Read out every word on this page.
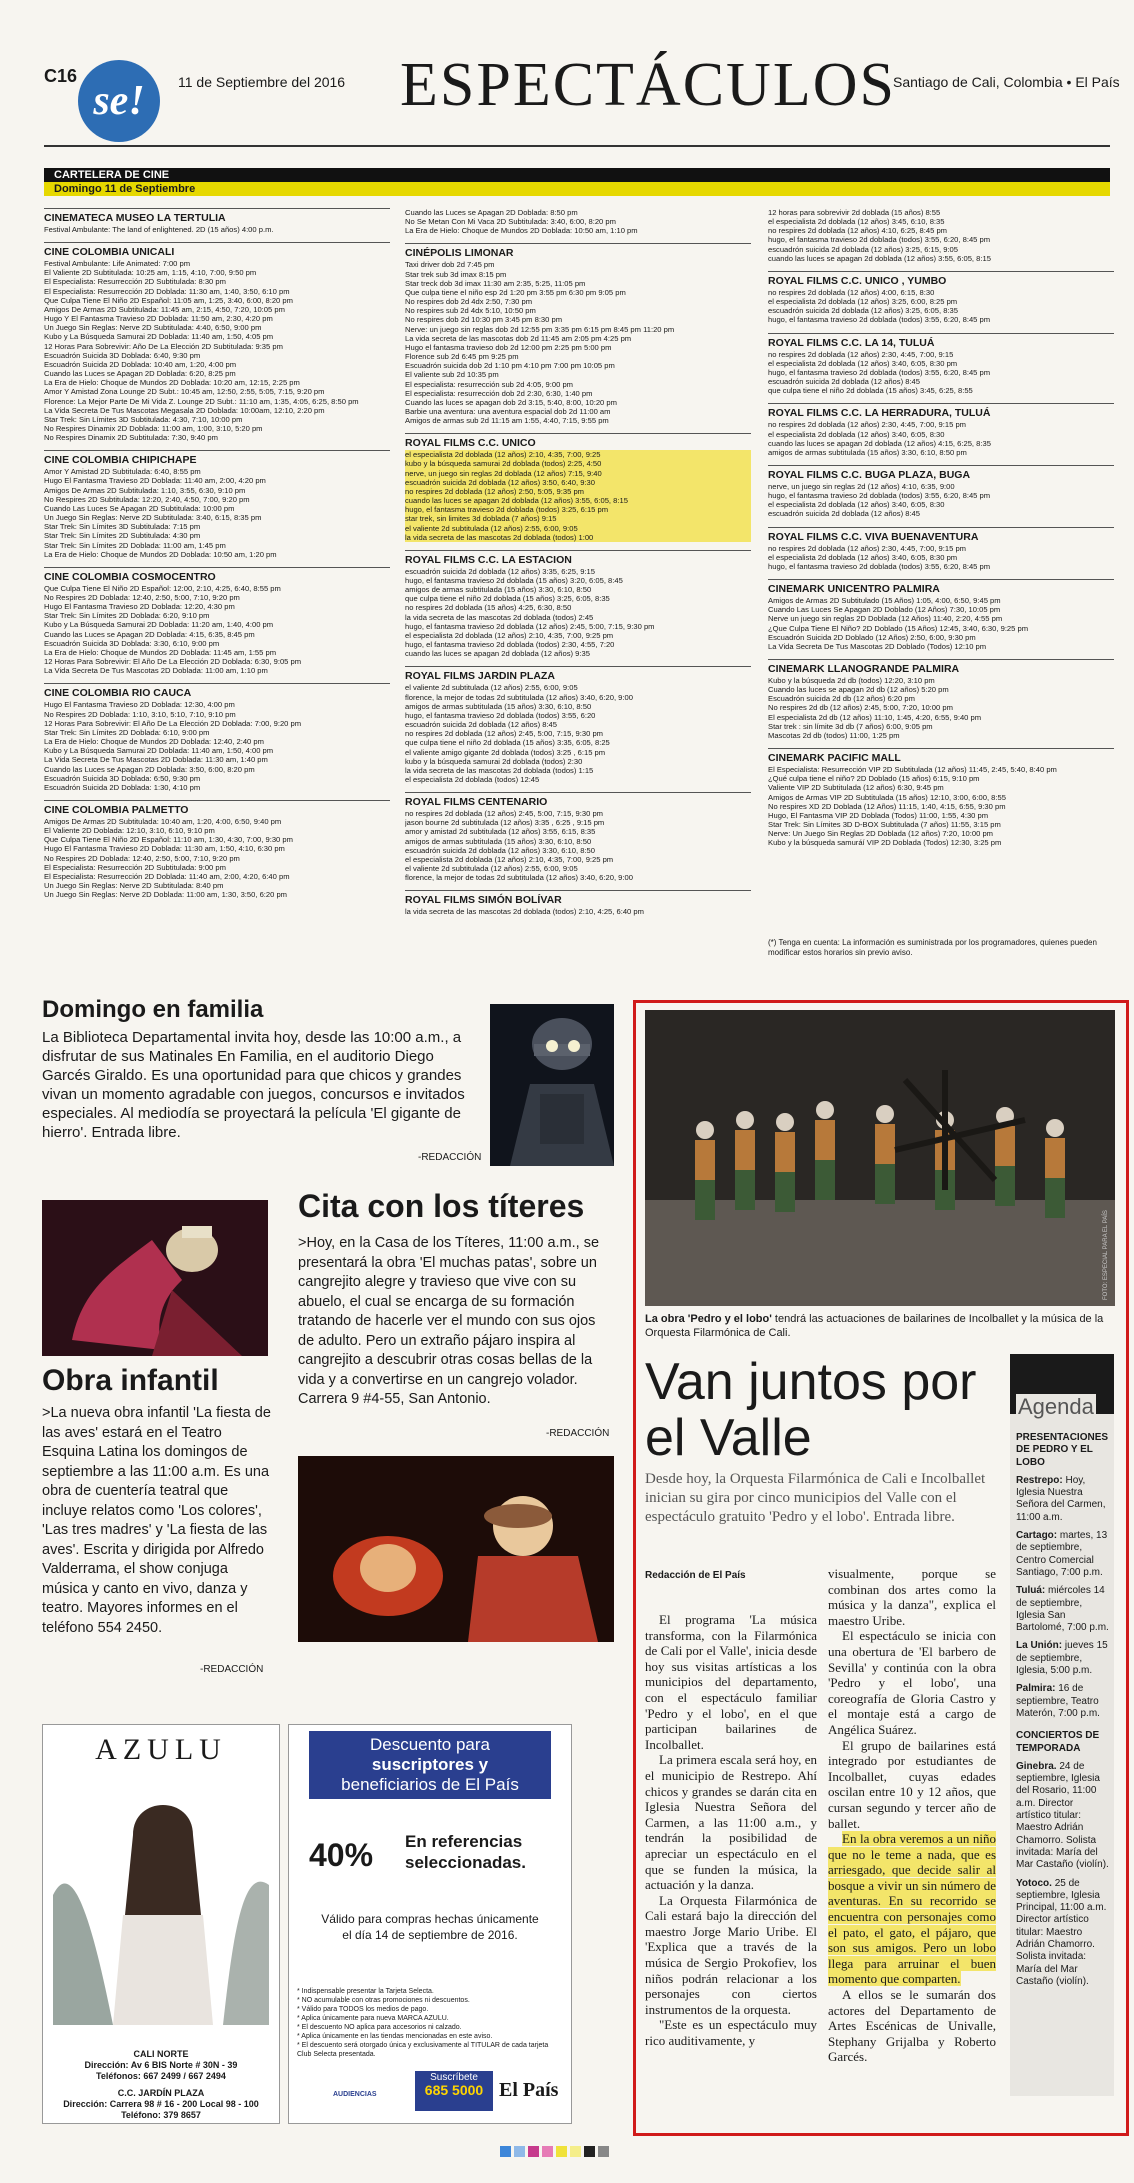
C16
se!	11 de Septiembre del 2016 ESPECTÁCULOS
Santiago de Cali, Colombia • El País
CARTELERA DE CINE
Domingo 11 de Septiembre
CINEMATECA MUSEO LA TERTULIA
Festival Ambulante: The land of enlightened. 2D (15 años) 4:00 p.m.
CINE COLOMBIA UNICALI
Festival Ambulante: Life Animated: 7:00 pm
El Valiente 2D Subtitulada: 10:25 am, 1:15, 4:10, 7:00, 9:50 pm
El Especialista: Resurrección 2D Subtitulada: 8:30 pm
El Especialista: Resurrección 2D Doblada: 11:30 am, 1:40, 3:50, 6:10 pm
Que Culpa Tiene El Niño 2D Español: 11:05 am, 1:25, 3:40, 6:00, 8:20 pm
Amigos De Armas 2D Subtitulada: 11:45 am, 2:15, 4:50, 7:20, 10:05 pm
Hugo Y El Fantasma Travieso 2D Doblada: 11:50 am, 2:30, 4:20 pm
Un Juego Sin Reglas: Nerve 2D Subtitulada: 4:40, 6:50, 9:00 pm
Kubo y La Búsqueda Samurai 2D Doblada: 11:40 am, 1:50, 4:05 pm
12 Horas Para Sobrevivir: Año De La Elección 2D Subtitulada: 9:35 pm
Escuadrón Suicida 3D Doblada: 6:40, 9:30 pm
Escuadrón Suicida 2D Doblada: 10:40 am, 1:20, 4:00 pm
Cuando las Luces se Apagan 2D Doblada: 6:20, 8:25 pm
La Era de Hielo: Choque de Mundos 2D Doblada: 10:20 am, 12:15, 2:25 pm
Amor Y Amistad Zona Lounge 2D Subt.: 10:45 am, 12:50, 2:55, 5:05, 7:15, 9:20 pm
Florence: La Mejor Parte De Mi Vida Z. Lounge 2D Subt.: 11:10 am, 1:35, 4:05, 6:25, 8:50 pm
La Vida Secreta De Tus Mascotas Megasala 2D Doblada: 10:00am, 12:10, 2:20 pm
Star Trek: Sin Límites 3D Subtitulada: 4:30, 7:10, 10:00 pm
No Respires Dinamix 2D Doblada: 11:00 am, 1:00, 3:10, 5:20 pm
No Respires Dinamix 2D Subtitulada: 7:30, 9:40 pm
CINE COLOMBIA CHIPICHAPE
Amor Y Amistad 2D Subtitulada: 6:40, 8:55 pm
Hugo El Fantasma Travieso 2D Doblada: 11:40 am, 2:00, 4:20 pm
Amigos De Armas 2D Subtitulada: 1:10, 3:55, 6:30, 9:10 pm
No Respires 2D Subtitulada: 12:20, 2:40, 4:50, 7:00, 9:20 pm
Cuando Las Luces Se Apagan 2D Subtitulada: 10:00 pm
Un Juego Sin Reglas: Nerve 2D Subtitulada: 3:40, 6:15, 8:35 pm
Star Trek: Sin Límites 3D Subtitulada: 7:15 pm
Star Trek: Sin Límites 2D Subtitulada: 4:30 pm
Star Trek: Sin Límites 2D Doblada: 11:00 am, 1:45 pm
La Era de Hielo: Choque de Mundos 2D Doblada: 10:50 am, 1:20 pm
CINE COLOMBIA COSMOCENTRO
Que Culpa Tiene El Niño 2D Español: 12:00, 2:10, 4:25, 6:40, 8:55 pm
No Respires 2D Doblada: 12:40, 2:50, 5:00, 7:10, 9:20 pm
Hugo El Fantasma Travieso 2D Doblada: 12:20, 4:30 pm
Star Trek: Sin Límites 2D Doblada: 6:20, 9:10 pm
Kubo y La Búsqueda Samurai 2D Doblada: 11:20 am, 1:40, 4:00 pm
Cuando las Luces se Apagan 2D Doblada: 4:15, 6:35, 8:45 pm
Escuadrón Suicida 3D Doblada: 3:30, 6:10, 9:00 pm
La Era de Hielo: Choque de Mundos 2D Doblada: 11:45 am, 1:55 pm
12 Horas Para Sobrevivir: El Año De La Elección 2D Doblada: 6:30, 9:05 pm
La Vida Secreta De Tus Mascotas 2D Doblada: 11:00 am, 1:10 pm
CINE COLOMBIA RIO CAUCA
Hugo El Fantasma Travieso 2D Doblada: 12:30, 4:00 pm
No Respires 2D Doblada: 1:10, 3:10, 5:10, 7:10, 9:10 pm
12 Horas Para Sobrevivir: El Año De La Elección 2D Doblada: 7:00, 9:20 pm
Star Trek: Sin Límites 2D Doblada: 6:10, 9:00 pm
La Era de Hielo: Choque de Mundos 2D Doblada: 12:40, 2:40 pm
Kubo y La Búsqueda Samurai 2D Doblada: 11:40 am, 1:50, 4:00 pm
La Vida Secreta De Tus Mascotas 2D Doblada: 11:30 am, 1:40 pm
Cuando las Luces se Apagan 2D Doblada: 3:50, 6:00, 8:20 pm
Escuadrón Suicida 3D Doblada: 6:50, 9:30 pm
Escuadrón Suicida 2D Doblada: 1:30, 4:10 pm
CINE COLOMBIA PALMETTO
Amigos De Armas 2D Subtitulada: 10:40 am, 1:20, 4:00, 6:50, 9:40 pm
El Valiente 2D Doblada: 12:10, 3:10, 6:10, 9:10 pm
Que Culpa Tiene El Niño 2D Español: 11:10 am, 1:30, 4:30, 7:00, 9:30 pm
Hugo El Fantasma Travieso 2D Doblada: 11:30 am, 1:50, 4:10, 6:30 pm
No Respires 2D Doblada: 12:40, 2:50, 5:00, 7:10, 9:20 pm
El Especialista: Resurrección 2D Subtitulada: 9:00 pm
El Especialista: Resurrección 2D Doblada: 11:40 am, 2:00, 4:20, 6:40 pm
Un Juego Sin Reglas: Nerve 2D Subtitulada: 8:40 pm
Un Juego Sin Reglas: Nerve 2D Doblada: 11:00 am, 1:30, 3:50, 6:20 pm
Cuando las Luces se Apagan 2D Doblada: 8:50 pm
No Se Metan Con Mi Vaca 2D Subtitulada: 3:40, 6:00, 8:20 pm
La Era de Hielo: Choque de Mundos 2D Doblada: 10:50 am, 1:10 pm
CINÉPOLIS LIMONAR
Taxi driver dob 2d 7:45 pm
Star trek sub 3d imax 8:15 pm
Star treck dob 3d imax 11:30 am 2:35, 5:25, 11:05 pm
Que culpa tiene el niño esp 2d 1:20 pm 3:55 pm 6:30 pm 9:05 pm
No respires dob 2d 4dx 2:50, 7:30 pm
No respires sub 2d 4dx 5:10, 10:50 pm
No respires dob 2d 10:30 pm 3:45 pm 8:30 pm
Nerve: un juego sin reglas dob 2d 12:55 pm 3:35 pm 6:15 pm 8:45 pm 11:20 pm
La vida secreta de las mascotas dob 2d 11:45 am 2:05 pm 4:25 pm
Hugo el fantasma travieso dob 2d 12:00 pm 2:25 pm 5:00 pm
Florence sub 2d 6:45 pm 9:25 pm
Escuadrón suicida dob 2d 1:10 pm 4:10 pm 7:00 pm 10:05 pm
El valiente sub 2d 10:35 pm
El especialista: resurrección sub 2d 4:05, 9:00 pm
El especialista: resurrección dob 2d 2:30, 6:30, 1:40 pm
Cuando las luces se apagan dob 2d 3:15, 5:40, 8:00, 10:20 pm
Barbie una aventura: una aventura espacial dob 2d 11:00 am
Amigos de armas sub 2d 11:15 am 1:55, 4:40, 7:15, 9:55 pm
ROYAL FILMS C.C. UNICO
el especialista 2d doblada (12 años) 2:10, 4:35, 7:00, 9:25
kubo y la búsqueda samurai 2d doblada (todos) 2:25, 4:50
nerve, un juego sin reglas 2d doblada (12 años) 7:15, 9:40
escuadrón suicida 2d doblada (12 años) 3:50, 6:40, 9:30
no respires 2d doblada (12 años) 2:50, 5:05, 9:35 pm
cuando las luces se apagan 2d doblada (12 años) 3:55, 6:05, 8:15
hugo, el fantasma travieso 2d doblada (todos) 3:25, 6:15 pm
star trek, sin limites 3d doblada (7 años) 9:15
el valiente 2d subtitulada (12 años) 2:55, 6:00, 9:05
la vida secreta de las mascotas 2d doblada (todos) 1:00
ROYAL FILMS C.C. LA ESTACION
escuadrón suicida 2d doblada (12 años) 3:35, 6:25, 9:15
hugo, el fantasma travieso 2d doblada (15 años) 3:20, 6:05, 8:45
amigos de armas subtitulada (15 años) 3:30, 6:10, 8:50
que culpa tiene el niño 2d doblada (15 años) 3:25, 6:05, 8:35
no respires 2d doblada (15 años) 4:25, 6:30, 8:50
la vida secreta de las mascotas 2d doblada (todos) 2:45
hugo, el fantasma travieso 2d doblada (12 años) 2:45, 5:00, 7:15, 9:30 pm
el especialista 2d doblada (12 años) 2:10, 4:35, 7:00, 9:25 pm
hugo, el fantasma travieso 2d doblada (todos) 2:30, 4:55, 7:20
cuando las luces se apagan 2d doblada (12 años) 9:35
ROYAL FILMS JARDIN PLAZA
el valiente 2d subtitulada (12 años) 2:55, 6:00, 9:05
florence, la mejor de todas 2d subtitulada (12 años) 3:40, 6:20, 9:00
amigos de armas subtitulada (15 años) 3:30, 6:10, 8:50
hugo, el fantasma travieso 2d doblada (todos) 3:55, 6:20
escuadrón suicida 2d doblada (12 años) 8:45
no respires 2d doblada (12 años) 2:45, 5:00, 7:15, 9:30 pm
que culpa tiene el niño 2d doblada (15 años) 3:35, 6:05, 8:25
el valiente amigo gigante 2d doblada (todos) 3:25 , 6:15 pm
kubo y la búsqueda samurai 2d doblada (todos) 2:30
la vida secreta de las mascotas 2d doblada (todos) 1:15
el especialista 2d doblada (todos) 12:45
ROYAL FILMS CENTENARIO
no respires 2d doblada (12 años) 2:45, 5:00, 7:15, 9:30 pm
jason bourne 2d subtitulada (12 años) 3:35 , 6:25 , 9:15 pm
amor y amistad 2d subtitulada (12 años) 3:55, 6:15, 8:35
amigos de armas subtitulada (15 años) 3:30, 6:10, 8:50
escuadrón suicida 2d doblada (12 años) 3:30, 6:10, 8:50
el especialista 2d doblada (12 años) 2:10, 4:35, 7:00, 9:25 pm
el valiente 2d subtitulada (12 años) 2:55, 6:00, 9:05
florence, la mejor de todas 2d subtitulada (12 años) 3:40, 6:20, 9:00
ROYAL FILMS SIMÓN BOLÍVAR
la vida secreta de las mascotas 2d doblada (todos) 2:10, 4:25, 6:40 pm
12 horas para sobrevivir 2d doblada (15 años) 8:55
el especialista 2d doblada (12 años) 3:45, 6:10, 8:35
no respires 2d doblada (12 años) 4:10, 6:25, 8:45 pm
hugo, el fantasma travieso 2d doblada (todos) 3:55, 6:20, 8:45 pm
escuadrón suicida 2d doblada (12 años) 3:25, 6:15, 9:05
cuando las luces se apagan 2d doblada (12 años) 3:55, 6:05, 8:15
ROYAL FILMS C.C. UNICO , YUMBO
no respires 2d doblada (12 años) 4:00, 6:15, 8:30
el especialista 2d doblada (12 años) 3:25, 6:00, 8:25 pm
escuadrón suicida 2d doblada (12 años) 3:25, 6:05, 8:35
hugo, el fantasma travieso 2d doblada (todos) 3:55, 6:20, 8:45 pm
ROYAL FILMS C.C. LA 14, TULUÁ
no respires 2d doblada (12 años) 2:30, 4:45, 7:00, 9:15
el especialista 2d doblada (12 años) 3:40, 6:05, 8:30 pm
hugo, el fantasma travieso 2d doblada (todos) 3:55, 6:20, 8:45 pm
escuadrón suicida 2d doblada (12 años) 8:45
que culpa tiene el niño 2d doblada (15 años) 3:45, 6:25, 8:55
ROYAL FILMS C.C. LA HERRADURA, TULUÁ
no respires 2d doblada (12 años) 2:30, 4:45, 7:00, 9:15 pm
el especialista 2d doblada (12 años) 3:40, 6:05, 8:30
cuando las luces se apagan 2d doblada (12 años) 4:15, 6:25, 8:35
amigos de armas subtitulada (15 años) 3:30, 6:10, 8:50 pm
ROYAL FILMS C.C. BUGA PLAZA, BUGA
nerve, un juego sin reglas 2d (12 años) 4:10, 6:35, 9:00
hugo, el fantasma travieso 2d doblada (todos) 3:55, 6:20, 8:45 pm
el especialista 2d doblada (12 años) 3:40, 6:05, 8:30
escuadrón suicida 2d doblada (12 años) 8:45
ROYAL FILMS C.C. VIVA BUENAVENTURA
no respires 2d doblada (12 años) 2:30, 4:45, 7:00, 9:15 pm
el especialista 2d doblada (12 años) 3:40, 6:05, 8:30 pm
hugo, el fantasma travieso 2d doblada (todos) 3:55, 6:20, 8:45 pm
CINEMARK UNICENTRO PALMIRA
Amigos de Armas 2D Subtitulado (15 Años) 1:05, 4:00, 6:50, 9:45 pm
Cuando Las Luces Se Apagan 2D Doblado (12 Años) 7:30, 10:05 pm
Nerve un juego sin reglas 2D Doblada (12 Años) 11:40, 2:20, 4:55 pm
¿Que Culpa Tiene El Niño? 2D Doblado (15 Años) 12:45, 3:40, 6:30, 9:25 pm
Escuadrón Suicida 2D Doblado (12 Años) 2:50, 6:00, 9:30 pm
La Vida Secreta De Tus Mascotas 2D Doblado (Todos) 12:10 pm
CINEMARK LLANOGRANDE PALMIRA
Kubo y la búsqueda 2d db (todos) 12:20, 3:10 pm
Cuando las luces se apagan 2d db (12 años) 5:20 pm
Escuadrón suicida 2d db (12 años) 6:20 pm
No respires 2d db (12 años) 2:45, 5:00, 7:20, 10:00 pm
El especialista 2d db (12 años) 11:10, 1:45, 4:20, 6:55, 9:40 pm
Star trek : sin límite 3d db (7 años) 6:00, 9:05 pm
Mascotas 2d db (todos) 11:00, 1:25 pm
CINEMARK PACIFIC MALL
El Especialista: Resurrección VIP 2D Subtitulada (12 años) 11:45, 2:45, 5:40, 8:40 pm
¿Qué culpa tiene el niño? 2D Doblado (15 años) 6:15, 9:10 pm
Valiente VIP 2D Subtitulada (12 años) 6:30, 9:45 pm
Amigos de Armas VIP 2D Subtitulada (15 años) 12:10, 3:00, 6:00, 8:55
No respires XD 2D Doblada (12 Años) 11:15, 1:40, 4:15, 6:55, 9:30 pm
Hugo, El Fantasma VIP 2D Doblada (Todos) 11:00, 1:55, 4:30 pm
Star Trek: Sin Límites 3D D-BOX Subtitulada (7 años) 11:55, 3:15 pm
Nerve: Un Juego Sin Reglas 2D Doblada (12 años) 7:20, 10:00 pm
Kubo y la búsqueda samuráí VIP 2D Doblada (Todos) 12:30, 3:25 pm
(*) Tenga en cuenta: La información es suministrada por los programadores, quienes pueden modificar estos horarios sin previo aviso.
Domingo en familia
La Biblioteca Departamental invita hoy, desde las 10:00 a.m., a disfrutar de sus Matinales En Familia, en el auditorio Diego Garcés Giraldo. Es una oportunidad para que chicos y grandes vivan un momento agradable con juegos, concursos e invitados especiales. Al mediodía se proyectará la película 'El gigante de hierro'. Entrada libre.
-REDACCIÓN
Obra infantil
>La nueva obra infantil 'La fiesta de las aves' estará en el Teatro Esquina Latina los domingos de septiembre a las 11:00 a.m. Es una obra de cuentería teatral que incluye relatos como 'Los colores', 'Las tres madres' y 'La fiesta de las aves'. Escrita y dirigida por Alfredo Valderrama, el show conjuga música y canto en vivo, danza y teatro. Mayores informes en el teléfono 554 2450.
-REDACCIÓN
Cita con los títeres
>Hoy, en la Casa de los Títeres, 11:00 a.m., se presentará la obra 'El muchas patas', sobre un cangrejito alegre y travieso que vive con su abuelo, el cual se encarga de su formación tratando de hacerle ver el mundo con sus ojos de adulto. Pero un extraño pájaro inspira al cangrejito a descubrir otras cosas bellas de la vida y a convertirse en un cangrejo volador. Carrera 9 #4-55, San Antonio.
-REDACCIÓN
AZULU
CALI NORTE
Dirección: Av 6 BIS Norte # 30N - 39
Teléfonos: 667 2499 / 667 2494
C.C. JARDÍN PLAZA
Dirección: Carrera 98 # 16 - 200 Local 98 - 100
Teléfono: 379 8657
Descuento para
suscriptores y
beneficiarios de El País
40% En referencias seleccionadas.
Válido para compras hechas únicamente el día 14 de septiembre de 2016.
* Indispensable presentar la Tarjeta Selecta.
* NO acumulable con otras promociones ni descuentos.
* Válido para TODOS los medios de pago.
* Aplica únicamente para nueva MARCA AZULU.
* El descuento NO aplica para accesorios ni calzado.
* Aplica únicamente en las tiendas mencionadas en este aviso.
* El descuento será otorgado única y exclusivamente al TITULAR de cada tarjeta Club Selecta presentada.
AUDIENCIAS
Suscríbete
685 5000 El País
FOTO: ESPECIAL PARA EL PAÍS
La obra 'Pedro y el lobo' tendrá las actuaciones de bailarines de Incolballet y la música de la Orquesta Filarmónica de Cali.
Van juntos por el Valle
Desde hoy, la Orquesta Filarmónica de Cali e Incolballet inician su gira por cinco municipios del Valle con el espectáculo gratuito 'Pedro y el lobo'. Entrada libre.
Redacción de El País

El programa 'La música transforma, con la Filarmónica de Cali por el Valle', inicia desde hoy sus visitas artísticas a los municipios del departamento, con el espectáculo familiar 'Pedro y el lobo', en el que participan bailarines de Incolballet.

La primera escala será hoy, en el municipio de Restrepo. Ahí chicos y grandes se darán cita en Iglesia Nuestra Señora del Carmen, a las 11:00 a.m., y tendrán la posibilidad de apreciar un espectáculo en el que se funden la música, la actuación y la danza.

La Orquesta Filarmónica de Cali estará bajo la dirección del maestro Jorge Mario Uribe. El 'Explica que a través de la música de Sergio Prokofiev, los niños podrán relacionar a los personajes con ciertos instrumentos de la orquesta.

"Este es un espectáculo muy rico auditivamente, y

visualmente, porque se combinan dos artes como la música y la danza", explica el maestro Uribe.

El espectáculo se inicia con una obertura de 'El barbero de Sevilla' y continúa con la obra 'Pedro y el lobo', una coreografía de Gloria Castro y el montaje está a cargo de Angélica Suárez.

El grupo de bailarines está integrado por estudiantes de Incolballet, cuyas edades oscilan entre 10 y 12 años, que cursan segundo y tercer año de ballet.

En la obra veremos a un niño que no le teme a nada, que es arriesgado, que decide salir al bosque a vivir un sin número de aventuras. En su recorrido se encuentra con personajes como el pato, el gato, el pájaro, que son sus amigos. Pero un lobo llega para arruinar el buen momento que comparten.

A ellos se le sumarán dos actores del Departamento de Artes Escénicas de Univalle, Stephany Grijalba y Roberto Garcés.

Agenda
PRESENTACIONES DE PEDRO Y EL LOBO
Restrepo: Hoy, Iglesia Nuestra Señora del Carmen, 11:00 a.m.
Cartago: martes, 13 de septiembre, Centro Comercial Santiago, 7:00 p.m.
Tuluá: miércoles 14 de septiembre, Iglesia San Bartolomé, 7:00 p.m.
La Unión: jueves 15 de septiembre, Iglesia, 5:00 p.m.
Palmira: 16 de septiembre, Teatro Materón, 7:00 p.m.
CONCIERTOS DE TEMPORADA
Ginebra. 24 de septiembre, Iglesia del Rosario, 11:00 a.m. Director artístico titular: Maestro Adrián Chamorro. Solista invitada: María del Mar Castaño (violín).
Yotoco. 25 de septiembre, Iglesia Principal, 11:00 a.m. Director artístico titular: Maestro Adrián Chamorro. Solista invitada: María del Mar Castaño (violín).
